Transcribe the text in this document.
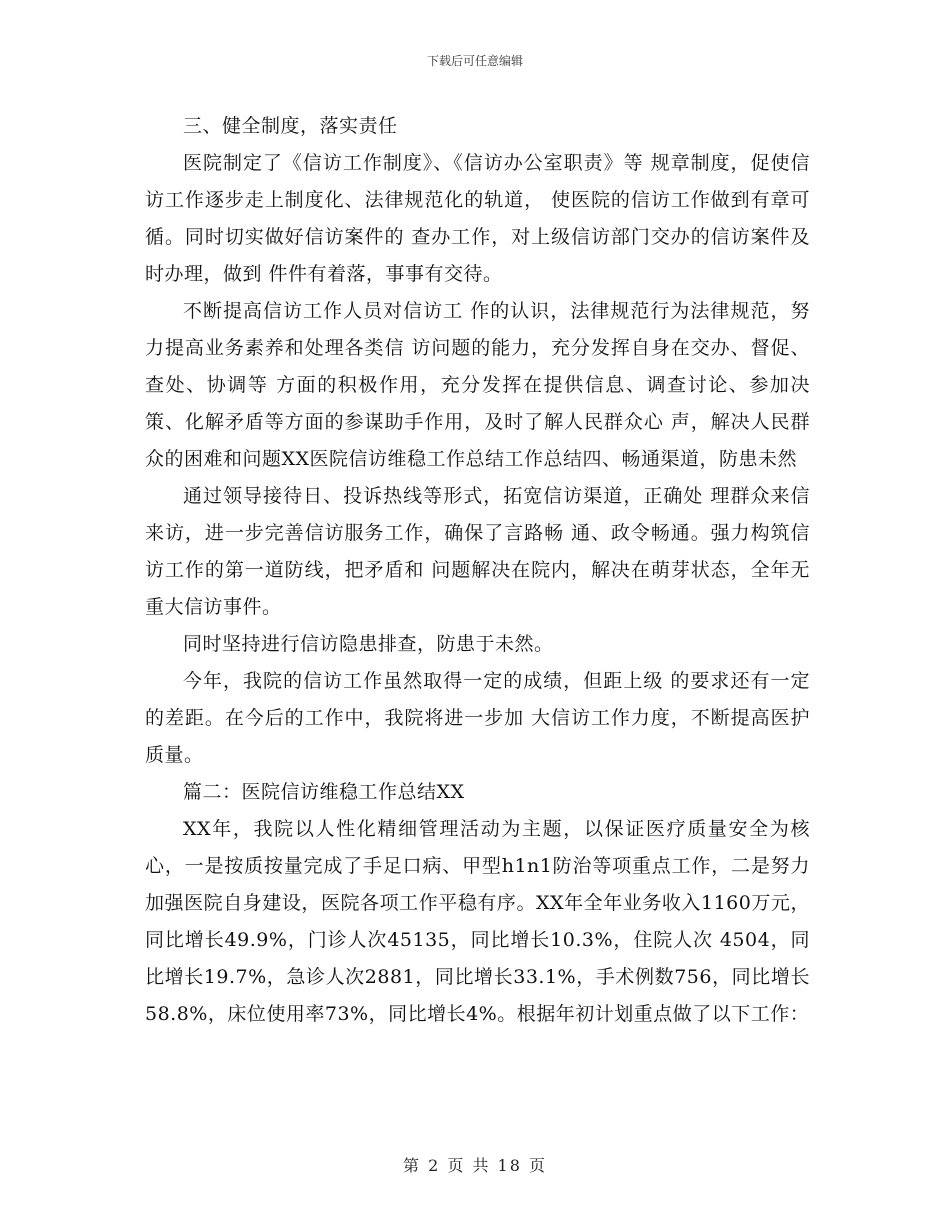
下载后可任意编辑

三、健全制度，落实责任

医院制定了《信访工作制度》、《信访办公室职责》等 规章制度，促使信访工作逐步走上制度化、法律规范化的轨道， 使医院的信访工作做到有章可循。同时切实做好信访案件的 查办工作，对上级信访部门交办的信访案件及时办理，做到 件件有着落，事事有交待。

不断提高信访工作人员对信访工 作的认识，法律规范行为法律规范，努力提高业务素养和处理各类信 访问题的能力，充分发挥自身在交办、督促、查处、协调等 方面的积极作用，充分发挥在提供信息、调查讨论、参加决 策、化解矛盾等方面的参谋助手作用，及时了解人民群众心 声，解决人民群众的困难和问题XX医院信访维稳工作总结工作总结四、畅通渠道，防患未然

通过领导接待日、投诉热线等形式，拓宽信访渠道，正确处 理群众来信来访，进一步完善信访服务工作，确保了言路畅 通、政令畅通。强力构筑信访工作的第一道防线，把矛盾和 问题解决在院内，解决在萌芽状态，全年无重大信访事件。

同时坚持进行信访隐患排查，防患于未然。

今年，我院的信访工作虽然取得一定的成绩，但距上级 的要求还有一定的差距。在今后的工作中，我院将进一步加 大信访工作力度，不断提高医护质量。

篇二：医院信访维稳工作总结XX

XX年，我院以人性化精细管理活动为主题，以保证医疗质量安全为核心，一是按质按量完成了手足口病、甲型h1n1防治等项重点工作，二是努力加强医院自身建设，医院各项工作平稳有序。XX年全年业务收入1160万元，同比增长49.9%，门诊人次45135，同比增长10.3%，住院人次 4504，同比增长19.7%，急诊人次2881，同比增长33.1%，手术例数756，同比增长58.8%，床位使用率73%，同比增长4%。根据年初计划重点做了以下工作：

第 2 页 共 18 页
